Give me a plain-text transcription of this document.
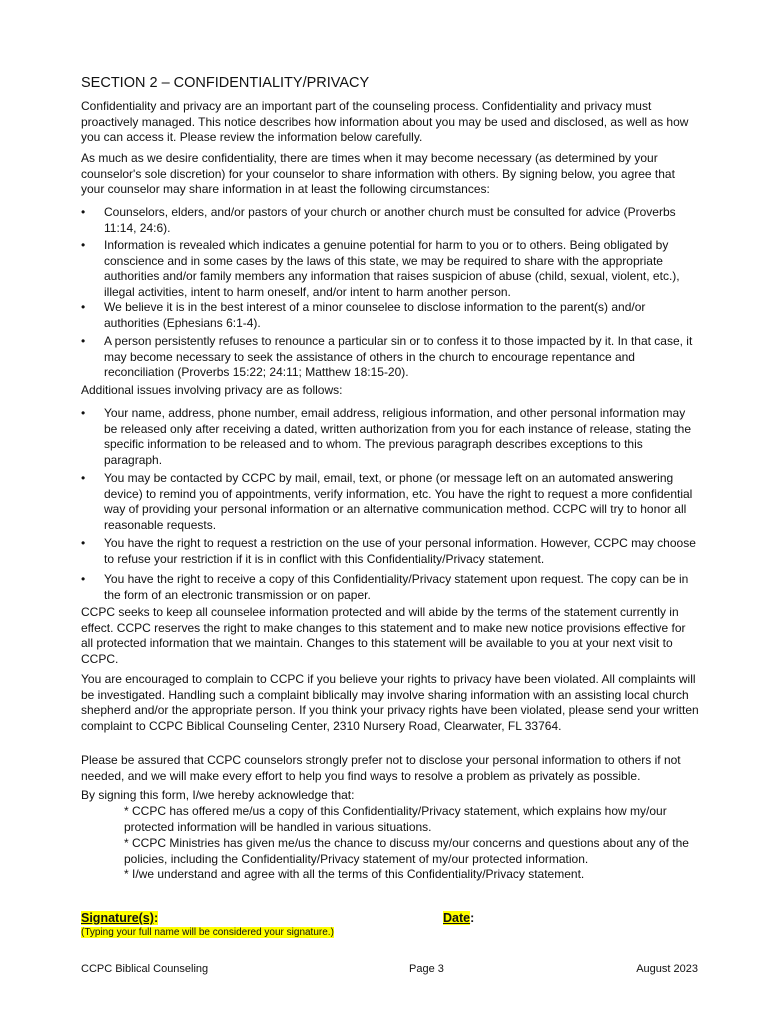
SECTION 2 – CONFIDENTIALITY/PRIVACY

Confidentiality and privacy are an important part of the counseling process. Confidentiality and privacy must proactively managed. This notice describes how information about you may be used and disclosed, as well as how you can access it. Please review the information below carefully.

As much as we desire confidentiality, there are times when it may become necessary (as determined by your counselor's sole discretion) for your counselor to share information with others. By signing below, you agree that your counselor may share information in at least the following circumstances:

•	Counselors, elders, and/or pastors of your church or another church must be consulted for advice (Proverbs 11:14, 24:6).
•	Information is revealed which indicates a genuine potential for harm to you or to others. Being obligated by conscience and in some cases by the laws of this state, we may be required to share with the appropriate authorities and/or family members any information that raises suspicion of abuse (child, sexual, violent, etc.), illegal activities, intent to harm oneself, and/or intent to harm another person.
•	We believe it is in the best interest of a minor counselee to disclose information to the parent(s) and/or authorities (Ephesians 6:1-4).
•	A person persistently refuses to renounce a particular sin or to confess it to those impacted by it. In that case, it may become necessary to seek the assistance of others in the church to encourage repentance and reconciliation (Proverbs 15:22; 24:11; Matthew 18:15-20).

Additional issues involving privacy are as follows:

•	Your name, address, phone number, email address, religious information, and other personal information may be released only after receiving a dated, written authorization from you for each instance of release, stating the specific information to be released and to whom. The previous paragraph describes exceptions to this paragraph.
•	You may be contacted by CCPC by mail, email, text, or phone (or message left on an automated answering device) to remind you of appointments, verify information, etc. You have the right to request a more confidential way of providing your personal information or an alternative communication method. CCPC will try to honor all reasonable requests.
•	You have the right to request a restriction on the use of your personal information. However, CCPC may choose to refuse your restriction if it is in conflict with this Confidentiality/Privacy statement.
•	You have the right to receive a copy of this Confidentiality/Privacy statement upon request. The copy can be in the form of an electronic transmission or on paper.

CCPC seeks to keep all counselee information protected and will abide by the terms of the statement currently in effect. CCPC reserves the right to make changes to this statement and to make new notice provisions effective for all protected information that we maintain. Changes to this statement will be available to you at your next visit to CCPC.

You are encouraged to complain to CCPC if you believe your rights to privacy have been violated. All complaints will be investigated. Handling such a complaint biblically may involve sharing information with an assisting local church shepherd and/or the appropriate person. If you think your privacy rights have been violated, please send your written complaint to CCPC Biblical Counseling Center, 2310 Nursery Road, Clearwater, FL 33764.

Please be assured that CCPC counselors strongly prefer not to disclose your personal information to others if not needed, and we will make every effort to help you find ways to resolve a problem as privately as possible.

By signing this form, I/we hereby acknowledge that:

* CCPC has offered me/us a copy of this Confidentiality/Privacy statement, which explains how my/our protected information will be handled in various situations.
* CCPC Ministries has given me/us the chance to discuss my/our concerns and questions about any of the policies, including the Confidentiality/Privacy statement of my/our protected information.
* I/we understand and agree with all the terms of this Confidentiality/Privacy statement.
Signature(s):	Date:
(Typing your full name will be considered your signature.)
CCPC Biblical Counseling	Page 3	August 2023
